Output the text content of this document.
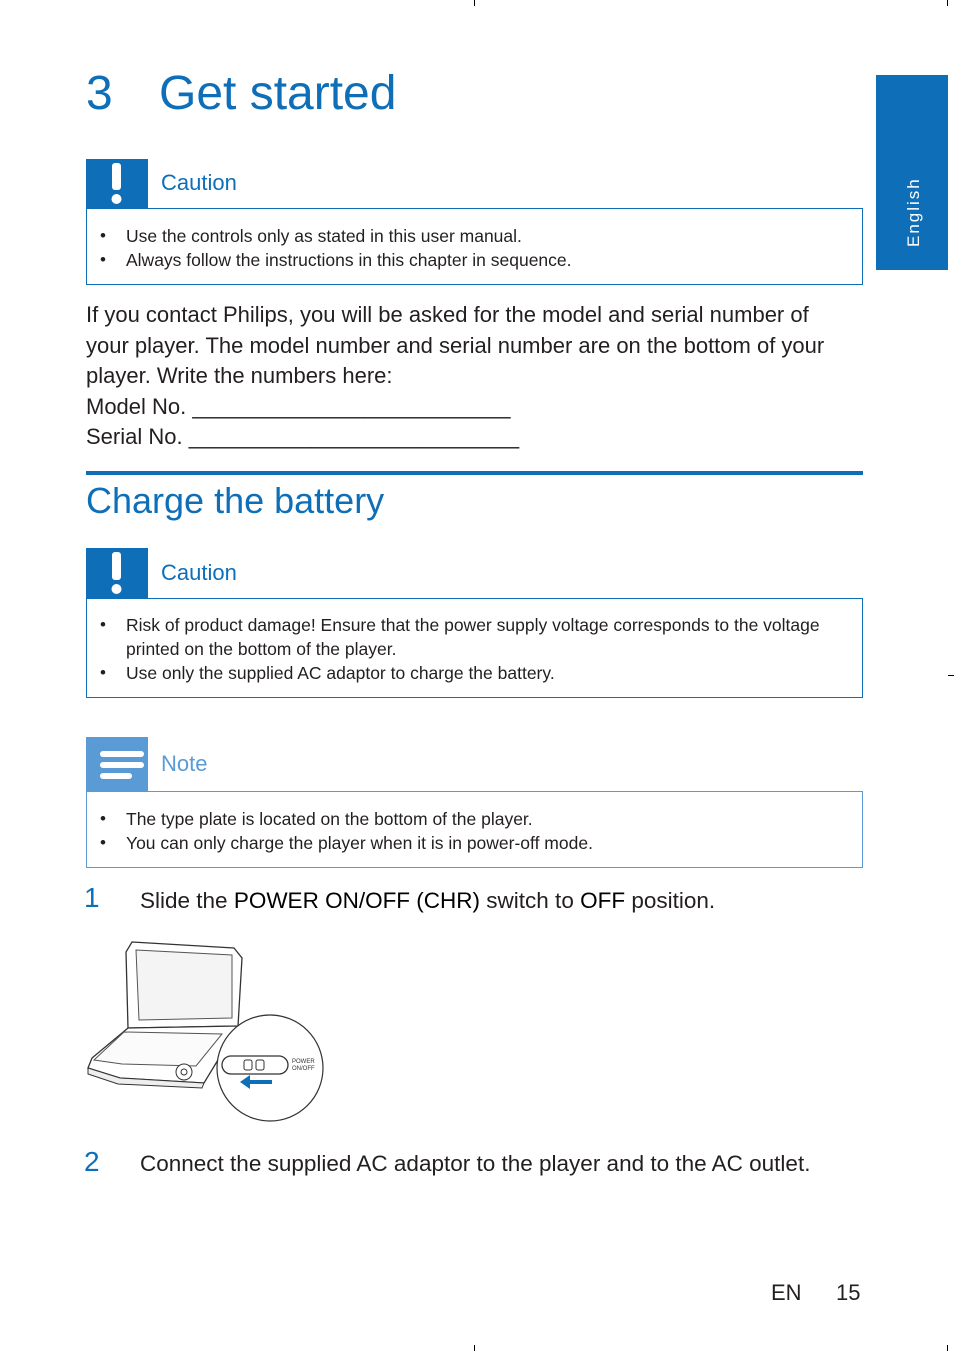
3 Get started
English
Caution
• Use the controls only as stated in this user manual.
• Always follow the instructions in this chapter in sequence.
If you contact Philips, you will be asked for the model and serial number of
your player. The model number and serial number are on the bottom of your
player. Write the numbers here:
Model No. __________________________
Serial No. ___________________________
Charge the battery
Caution
• Risk of product damage! Ensure that the power supply voltage corresponds to the voltage printed on the bottom of the player.
• Use only the supplied AC adaptor to charge the battery.
Note
• The type plate is located on the bottom of the player.
• You can only charge the player when it is in power-off mode.
1 Slide the POWER ON/OFF (CHR) switch to OFF position.
POWER
ON/OFF
2 Connect the supplied AC adaptor to the player and to the AC outlet.
EN 15
